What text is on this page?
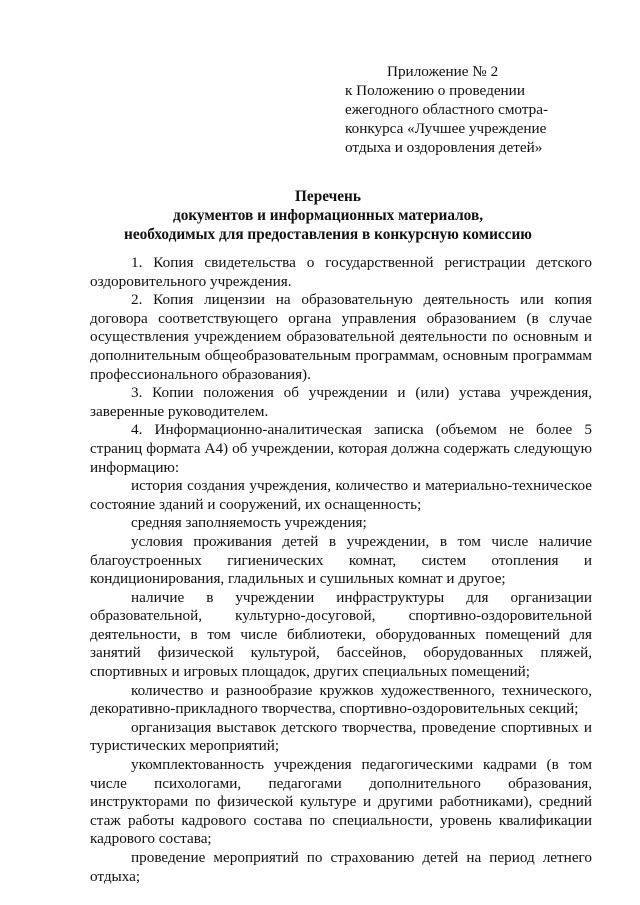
Приложение № 2
к Положению о проведении
ежегодного областного смотра-
конкурса «Лучшее учреждение
отдыха и оздоровления детей»
Перечень
документов и информационных материалов,
необходимых для предоставления в конкурсную комиссию

1. Копия свидетельства о государственной регистрации детского оздоровительного учреждения.

2. Копия лицензии на образовательную деятельность или копия договора соответствующего органа управления образованием (в случае осуществления учреждением образовательной деятельности по основным и дополнительным общеобразовательным программам, основным программам профессионального образования).

3. Копии положения об учреждении и (или) устава учреждения, заверенные руководителем.

4. Информационно-аналитическая записка (объемом не более 5 страниц формата А4) об учреждении, которая должна содержать следующую информацию:

история создания учреждения, количество и материально-техническое состояние зданий и сооружений, их оснащенность;

средняя заполняемость учреждения;

условия проживания детей в учреждении, в том числе наличие благоустроенных гигиенических комнат, систем отопления и кондиционирования, гладильных и сушильных комнат и другое;

наличие в учреждении инфраструктуры для организации образовательной, культурно-досуговой, спортивно-оздоровительной деятельности, в том числе библиотеки, оборудованных помещений для занятий физической культурой, бассейнов, оборудованных пляжей, спортивных и игровых площадок, других специальных помещений;

количество и разнообразие кружков художественного, технического, декоративно-прикладного творчества, спортивно-оздоровительных секций;

организация выставок детского творчества, проведение спортивных и туристических мероприятий;

укомплектованность учреждения педагогическими кадрами (в том числе психологами, педагогами дополнительного образования, инструкторами по физической культуре и другими работниками), средний стаж работы кадрового состава по специальности, уровень квалификации кадрового состава;

проведение мероприятий по страхованию детей на период летнего отдыха;
